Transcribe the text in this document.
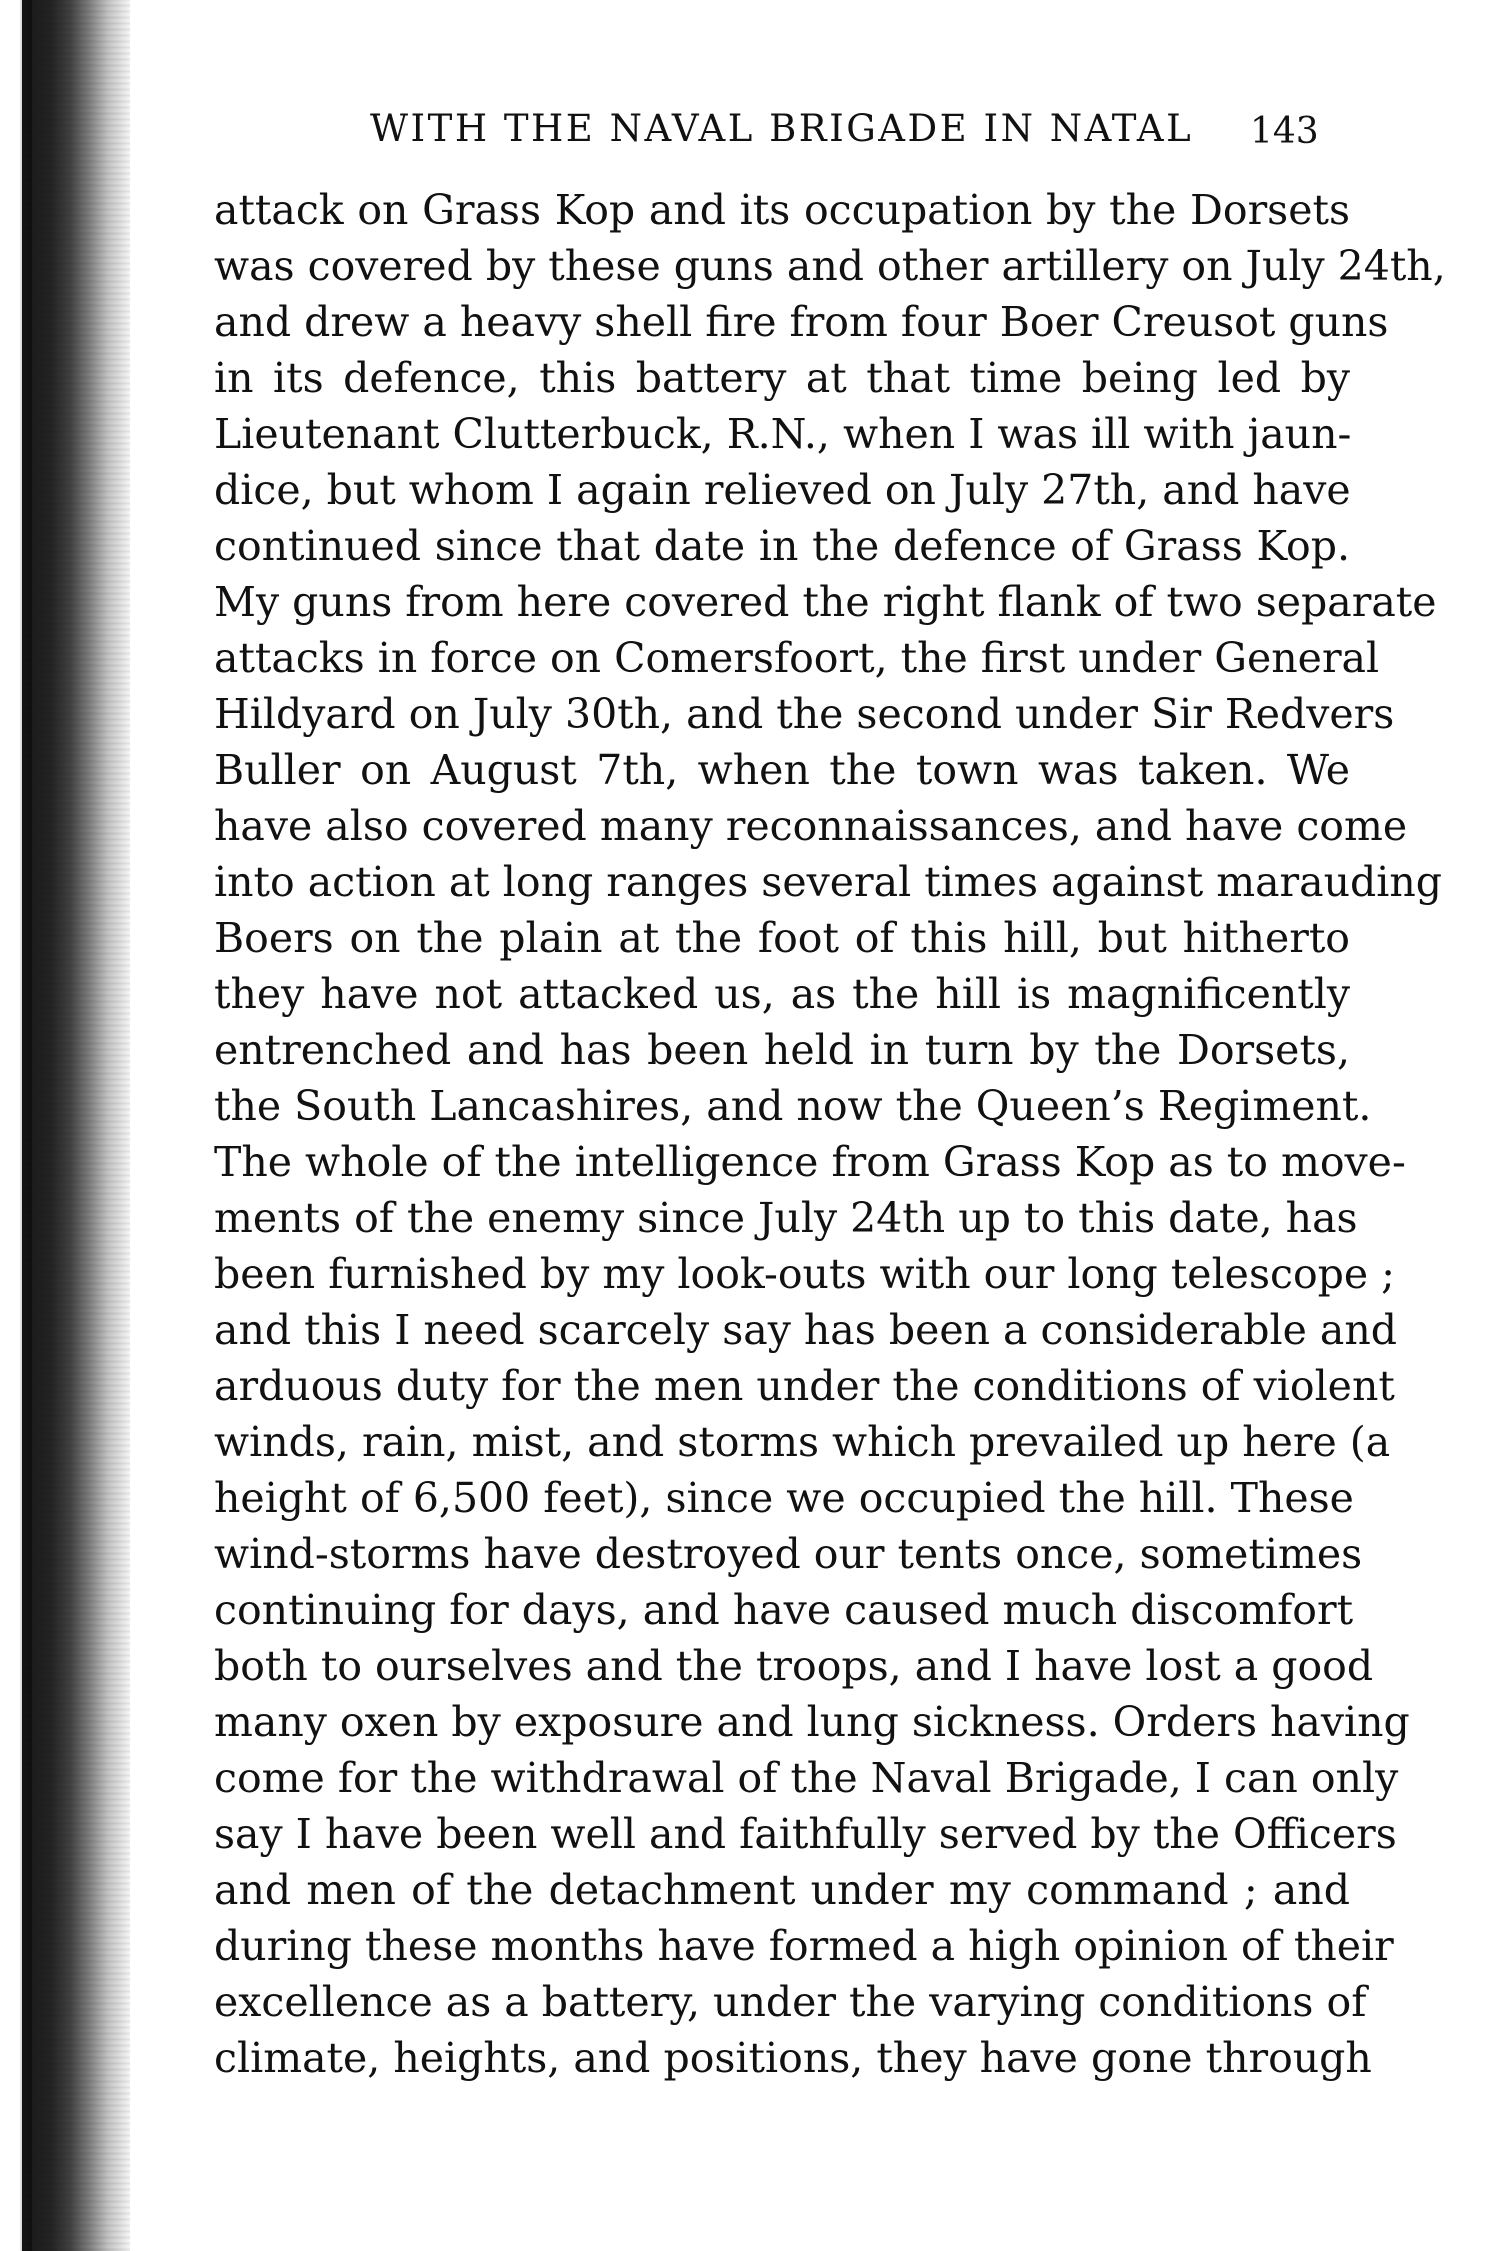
WITH THE NAVAL BRIGADE IN NATAL 143
attack on Grass Kop and its occupation by the Dorsets
was covered by these guns and other artillery on July 24th,
and drew a heavy shell fire from four Boer Creusot guns
in its defence, this battery at that time being led by
Lieutenant Clutterbuck, R.N., when I was ill with jaun-
dice, but whom I again relieved on July 27th, and have
continued since that date in the defence of Grass Kop.
My guns from here covered the right flank of two separate
attacks in force on Comersfoort, the first under General
Hildyard on July 30th, and the second under Sir Redvers
Buller on August 7th, when the town was taken. We
have also covered many reconnaissances, and have come
into action at long ranges several times against marauding
Boers on the plain at the foot of this hill, but hitherto
they have not attacked us, as the hill is magnificently
entrenched and has been held in turn by the Dorsets,
the South Lancashires, and now the Queen’s Regiment.
The whole of the intelligence from Grass Kop as to move-
ments of the enemy since July 24th up to this date, has
been furnished by my look-outs with our long telescope ;
and this I need scarcely say has been a considerable and
arduous duty for the men under the conditions of violent
winds, rain, mist, and storms which prevailed up here (a
height of 6,500 feet), since we occupied the hill. These
wind-storms have destroyed our tents once, sometimes
continuing for days, and have caused much discomfort
both to ourselves and the troops, and I have lost a good
many oxen by exposure and lung sickness. Orders having
come for the withdrawal of the Naval Brigade, I can only
say I have been well and faithfully served by the Officers
and men of the detachment under my command ; and
during these months have formed a high opinion of their
excellence as a battery, under the varying conditions of
climate, heights, and positions, they have gone through
